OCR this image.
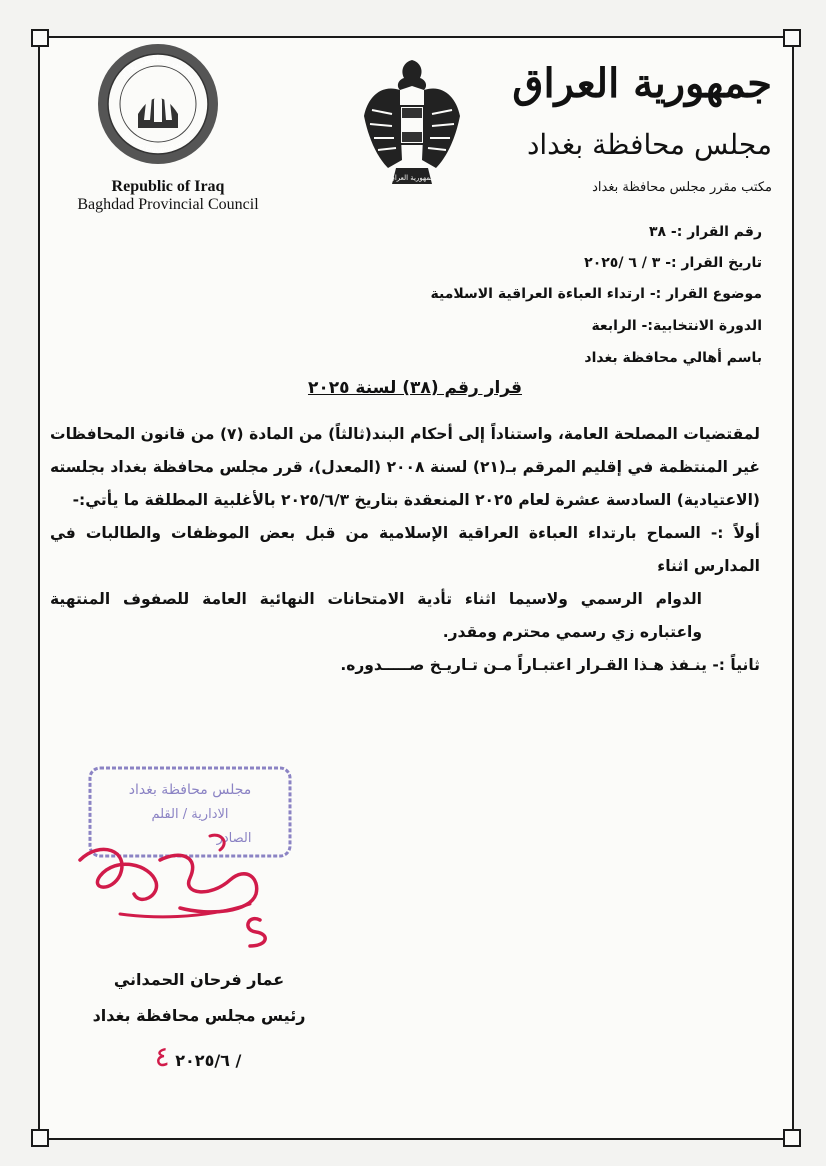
مجلس محافظة بغداد
Baghdad Provincial council
جمهورية العراق
Republic of Iraq
Baghdad Provincial Council
جمهورية العراق
مجلس محافظة بغداد
مكتب مقرر مجلس محافظة بغداد
رقم القرار :- ٣٨
تاريخ القرار :- ٣ / ٦ /٢٠٢٥
موضوع القرار :- ارتداء العباءة العراقية الاسلامية
الدورة الانتخابية:- الرابعة
باسم أهالي محافظة بغداد
قرار رقم (٣٨) لسنة ٢٠٢٥

لمقتضيات المصلحة العامة، واستناداً إلى أحكام البند(ثالثاً) من المادة (٧) من قانون المحافظات غير المنتظمة في إقليم المرقم بـ(٢١) لسنة ٢٠٠٨ (المعدل)، قرر مجلس محافظة بغداد بجلسته (الاعتيادية) السادسة عشرة لعام ٢٠٢٥ المنعقدة بتاريخ ٢٠٢٥/٦/٣ بالأغلبية المطلقة ما يأتي:-

أولاً :- السماح بارتداء العباءة العراقية الإسلامية من قبل بعض الموظفات والطالبات في المدارس اثناء

الدوام الرسمي ولاسيما اثناء تأدية الامتحانات النهائية العامة للصفوف المنتهية واعتباره زي رسمي محترم ومقدر.

ثانياً :- ينـفذ هـذا القـرار اعتبـاراً مـن تـاريـخ صـــــدوره.

مجلس محافظة بغداد
الادارية / القلم
الصادر
عمار فرحان الحمداني
رئيس مجلس محافظة بغداد
/ ٢٠٢٥/٦ ٤
